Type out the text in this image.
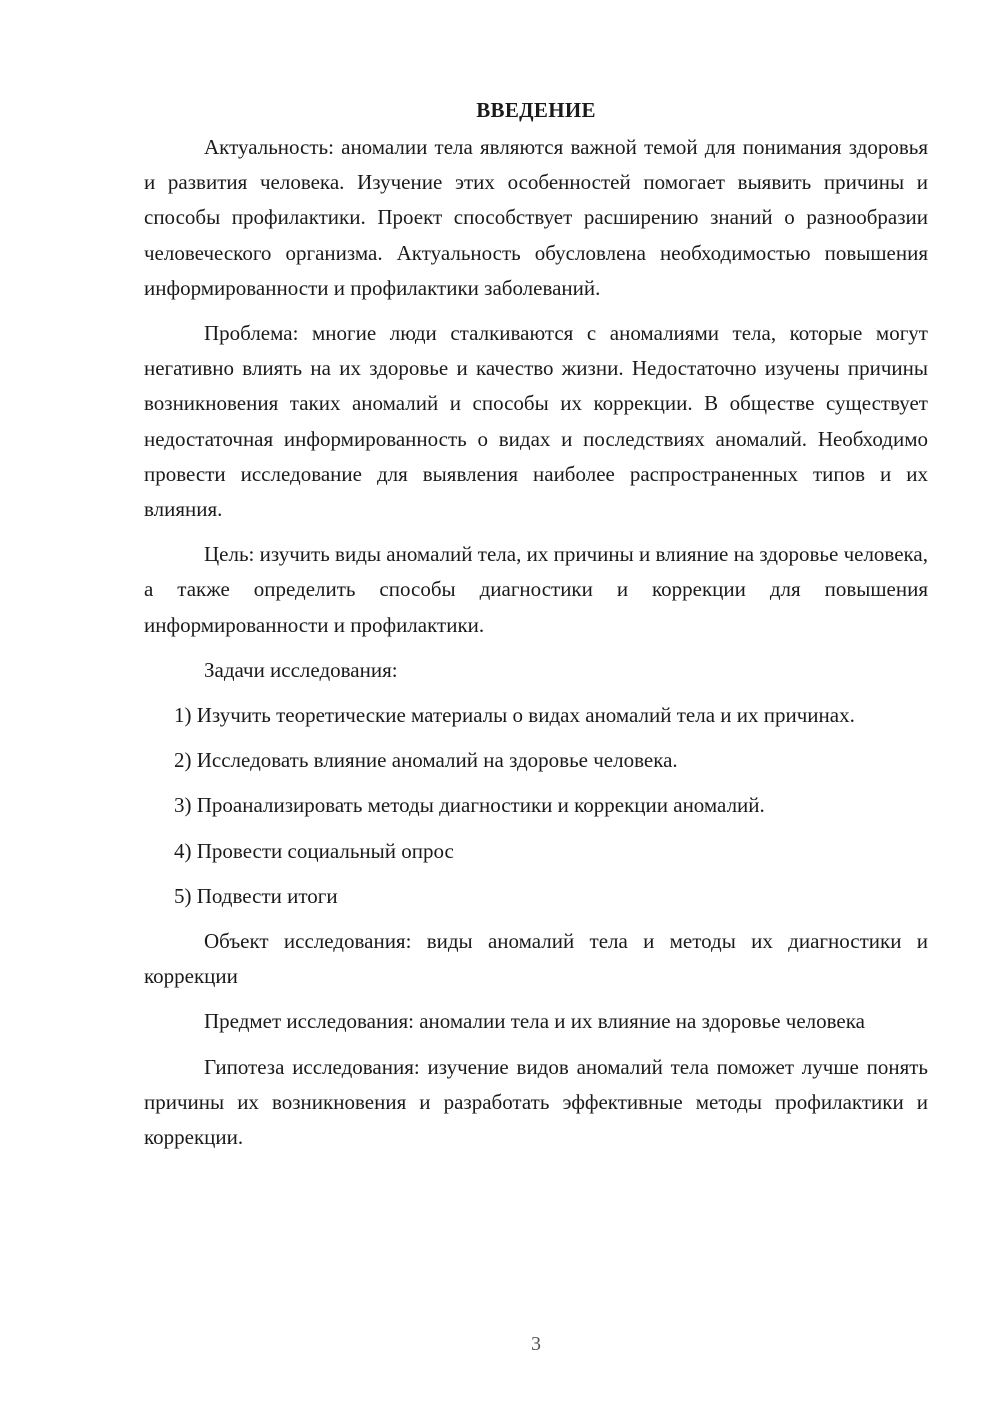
ВВЕДЕНИЕ

Актуальность: аномалии тела являются важной темой для понимания здоровья и развития человека. Изучение этих особенностей помогает выявить причины и способы профилактики. Проект способствует расширению знаний о разнообразии человеческого организма. Актуальность обусловлена необходимостью повышения информированности и профилактики заболеваний.

Проблема: многие люди сталкиваются с аномалиями тела, которые могут негативно влиять на их здоровье и качество жизни. Недостаточно изучены причины возникновения таких аномалий и способы их коррекции. В обществе существует недостаточная информированность о видах и последствиях аномалий. Необходимо провести исследование для выявления наиболее распространенных типов и их влияния.

Цель: изучить виды аномалий тела, их причины и влияние на здоровье человека, а также определить способы диагностики и коррекции для повышения информированности и профилактики.

Задачи исследования:

1) Изучить теоретические материалы о видах аномалий тела и их причинах.

2) Исследовать влияние аномалий на здоровье человека.

3) Проанализировать методы диагностики и коррекции аномалий.

4) Провести социальный опрос

5) Подвести итоги

Объект исследования: виды аномалий тела и методы их диагностики и коррекции

Предмет исследования: аномалии тела и их влияние на здоровье человека

Гипотеза исследования: изучение видов аномалий тела поможет лучше понять причины их возникновения и разработать эффективные методы профилактики и коррекции.

3
